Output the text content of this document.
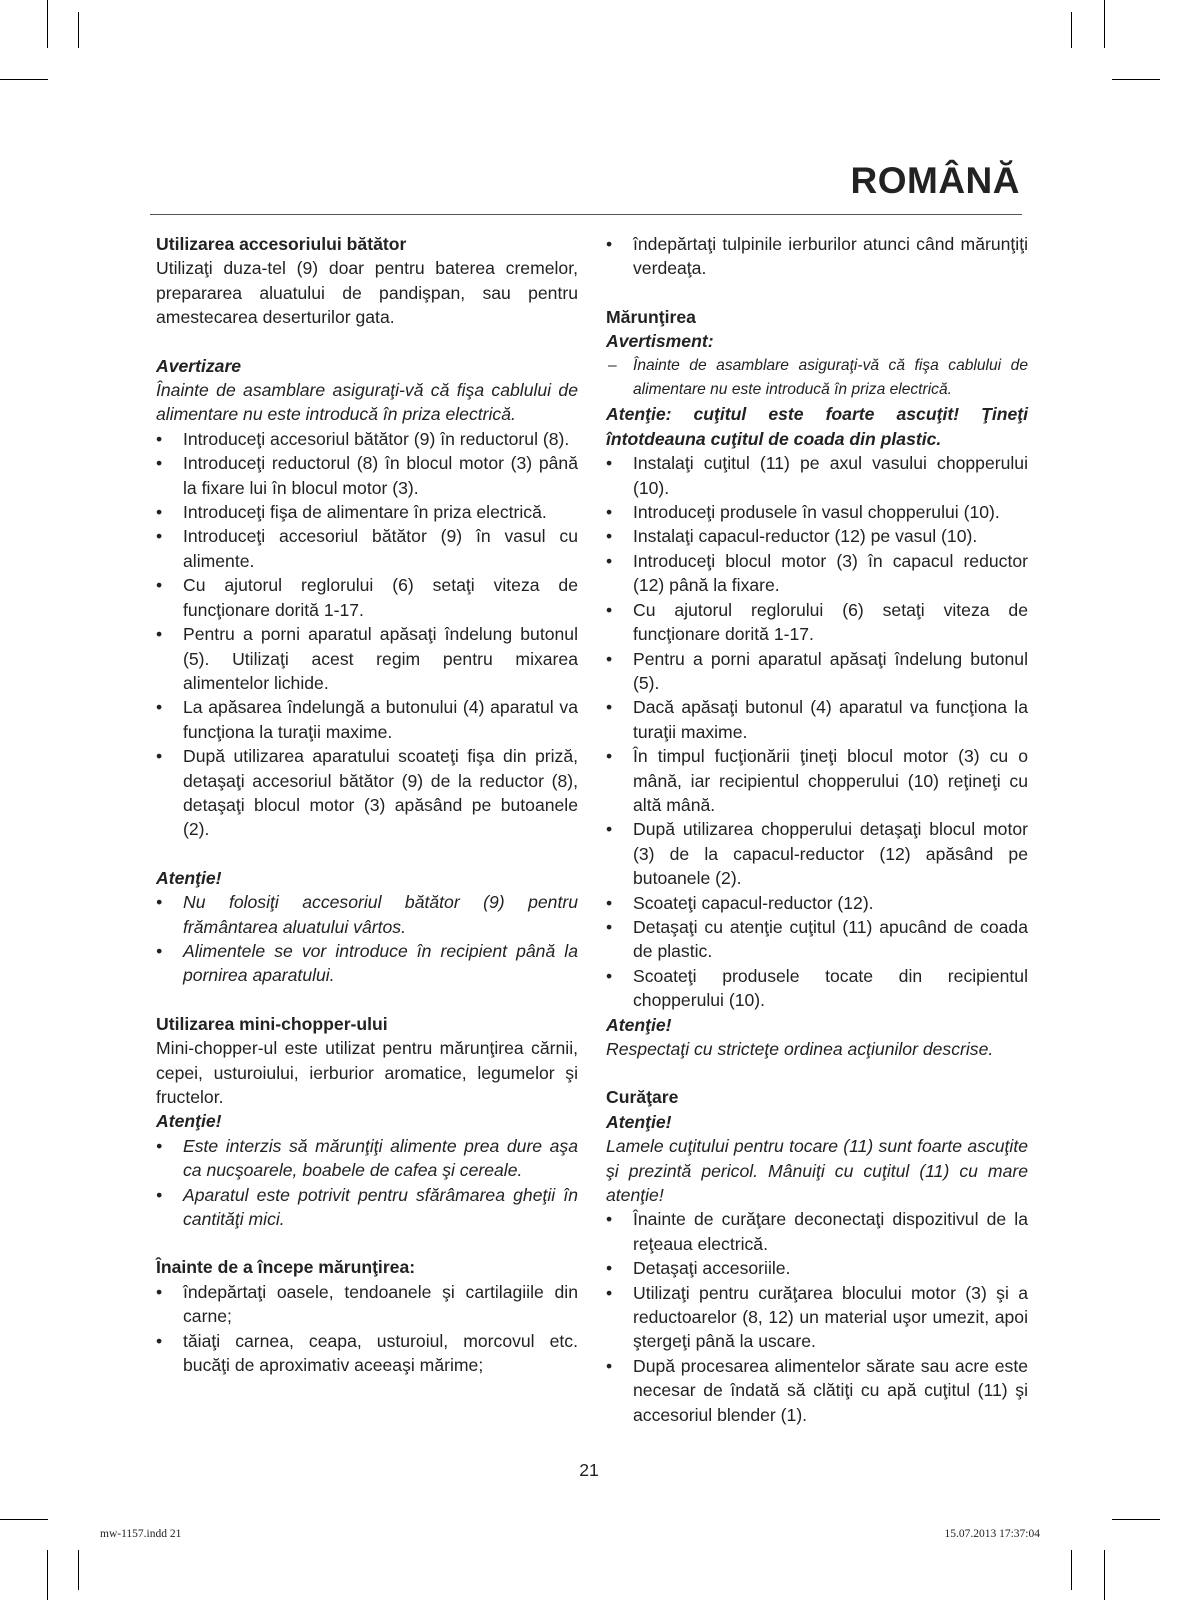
ROMÂNĂ
Utilizarea accesoriului bătător
Utilizaţi duza-tel (9) doar pentru baterea cremelor, prepararea aluatului de pandişpan, sau pentru amestecarea deserturilor gata.
Avertizare
Înainte de asamblare asiguraţi-vă că fişa cablului de alimentare nu este introducă în priza electrică.
• Introduceţi accesoriul bătător (9) în reductorul (8).
• Introduceţi reductorul (8) în blocul motor (3) până la fixare lui în blocul motor (3).
• Introduceţi fişa de alimentare în priza electrică.
• Introduceţi accesoriul bătător (9) în vasul cu alimente.
• Cu ajutorul reglorului (6) setaţi viteza de funcţionare dorită 1-17.
• Pentru a porni aparatul apăsaţi îndelung butonul (5). Utilizaţi acest regim pentru mixarea alimentelor lichide.
• La apăsarea îndelungă a butonului (4) aparatul va funcţiona la turaţii maxime.
• După utilizarea aparatului scoateţi fişa din priză, detaşaţi accesoriul bătător (9) de la reductor (8), detaşaţi blocul motor (3) apăsând pe butoanele (2).
Atenţie!
• Nu folosiţi accesoriul bătător (9) pentru frământarea aluatului vârtos.
• Alimentele se vor introduce în recipient până la pornirea aparatului.
Utilizarea mini-chopper-ului
Mini-chopper-ul este utilizat pentru mărunţirea cărnii, cepei, usturoiului, ierburior aromatice, legumelor şi fructelor.
Atenţie!
• Este interzis să mărunţiţi alimente prea dure aşa ca nucşoarele, boabele de cafea şi cereale.
• Aparatul este potrivit pentru sfărâmarea gheţii în cantităţi mici.
Înainte de a începe mărunţirea:
• îndepărtaţi oasele, tendoanele şi cartilagiile din carne;
• tăiaţi carnea, ceapa, usturoiul, morcovul etc. bucăţi de aproximativ aceeaşi mărime;
• îndepărtaţi tulpinile ierburilor atunci când mărunţiţi verdeaţa.
Mărunţirea
Avertisment:
– Înainte de asamblare asiguraţi-vă că fişa cablului de alimentare nu este introducă în priza electrică.
Atenţie: cuţitul este foarte ascuţit! Ţineţi întotdeauna cuţitul de coada din plastic.
• Instalaţi cuţitul (11) pe axul vasului chopperului (10).
• Introduceţi produsele în vasul chopperului (10).
• Instalaţi capacul-reductor (12) pe vasul (10).
• Introduceţi blocul motor (3) în capacul reductor (12) până la fixare.
• Cu ajutorul reglorului (6) setaţi viteza de funcţionare dorită 1-17.
• Pentru a porni aparatul apăsaţi îndelung butonul (5).
• Dacă apăsaţi butonul (4) aparatul va funcţiona la turaţii maxime.
• În timpul fucţionării ţineţi blocul motor (3) cu o mână, iar recipientul chopperului (10) reţineţi cu altă mână.
• După utilizarea chopperului detaşaţi blocul motor (3) de la capacul-reductor (12) apăsând pe butoanele (2).
• Scoateţi capacul-reductor (12).
• Detaşaţi cu atenţie cuţitul (11) apucând de coada de plastic.
• Scoateţi produsele tocate din recipientul chopperului (10).
Atenţie!
Respectaţi cu stricteţe ordinea acţiunilor descrise.
Curăţare
Atenţie!
Lamele cuţitului pentru tocare (11) sunt foarte ascuţite şi prezintă pericol. Mânuiţi cu cuţitul (11) cu mare atenţie!
• Înainte de curăţare deconectaţi dispozitivul de la reţeaua electrică.
• Detaşaţi accesoriile.
• Utilizaţi pentru curăţarea blocului motor (3) şi a reductoarelor (8, 12) un material uşor umezit, apoi ştergeţi până la uscare.
• După procesarea alimentelor sărate sau acre este necesar de îndată să clătiţi cu apă cuţitul (11) şi accesoriul blender (1).
21
mw-1157.indd 21	15.07.2013 17:37:04
